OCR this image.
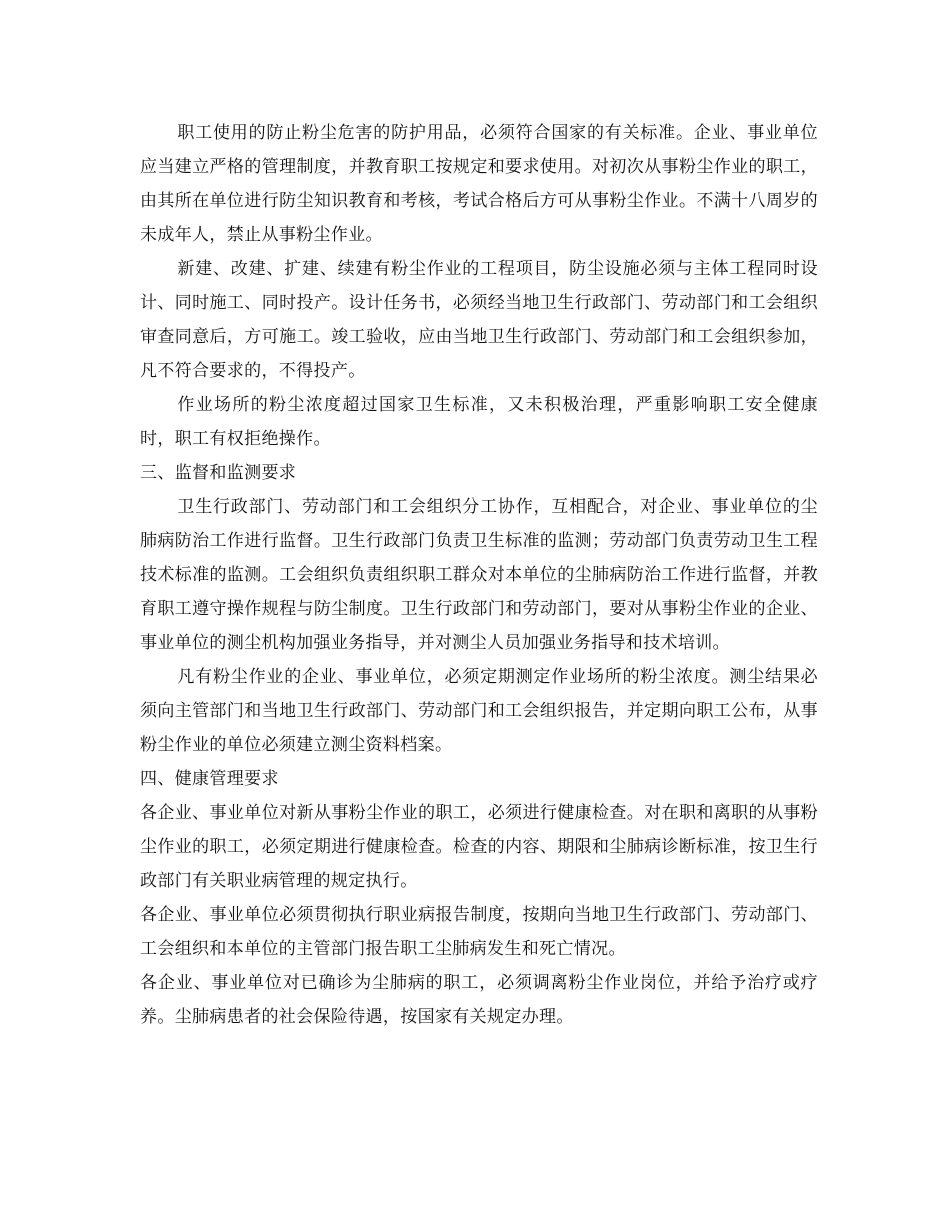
职工使用的防止粉尘危害的防护用品，必须符合国家的有关标准。企业、事业单位应当建立严格的管理制度，并教育职工按规定和要求使用。对初次从事粉尘作业的职工，由其所在单位进行防尘知识教育和考核，考试合格后方可从事粉尘作业。不满十八周岁的未成年人，禁止从事粉尘作业。

新建、改建、扩建、续建有粉尘作业的工程项目，防尘设施必须与主体工程同时设计、同时施工、同时投产。设计任务书，必须经当地卫生行政部门、劳动部门和工会组织审查同意后，方可施工。竣工验收，应由当地卫生行政部门、劳动部门和工会组织参加，凡不符合要求的，不得投产。

作业场所的粉尘浓度超过国家卫生标准，又未积极治理，严重影响职工安全健康时，职工有权拒绝操作。

三、监督和监测要求

卫生行政部门、劳动部门和工会组织分工协作，互相配合，对企业、事业单位的尘肺病防治工作进行监督。卫生行政部门负责卫生标准的监测；劳动部门负责劳动卫生工程技术标准的监测。工会组织负责组织职工群众对本单位的尘肺病防治工作进行监督，并教育职工遵守操作规程与防尘制度。卫生行政部门和劳动部门，要对从事粉尘作业的企业、事业单位的测尘机构加强业务指导，并对测尘人员加强业务指导和技术培训。

凡有粉尘作业的企业、事业单位，必须定期测定作业场所的粉尘浓度。测尘结果必须向主管部门和当地卫生行政部门、劳动部门和工会组织报告，并定期向职工公布，从事粉尘作业的单位必须建立测尘资料档案。

四、健康管理要求

各企业、事业单位对新从事粉尘作业的职工，必须进行健康检查。对在职和离职的从事粉尘作业的职工，必须定期进行健康检查。检查的内容、期限和尘肺病诊断标准，按卫生行政部门有关职业病管理的规定执行。

各企业、事业单位必须贯彻执行职业病报告制度，按期向当地卫生行政部门、劳动部门、工会组织和本单位的主管部门报告职工尘肺病发生和死亡情况。

各企业、事业单位对已确诊为尘肺病的职工，必须调离粉尘作业岗位，并给予治疗或疗养。尘肺病患者的社会保险待遇，按国家有关规定办理。
